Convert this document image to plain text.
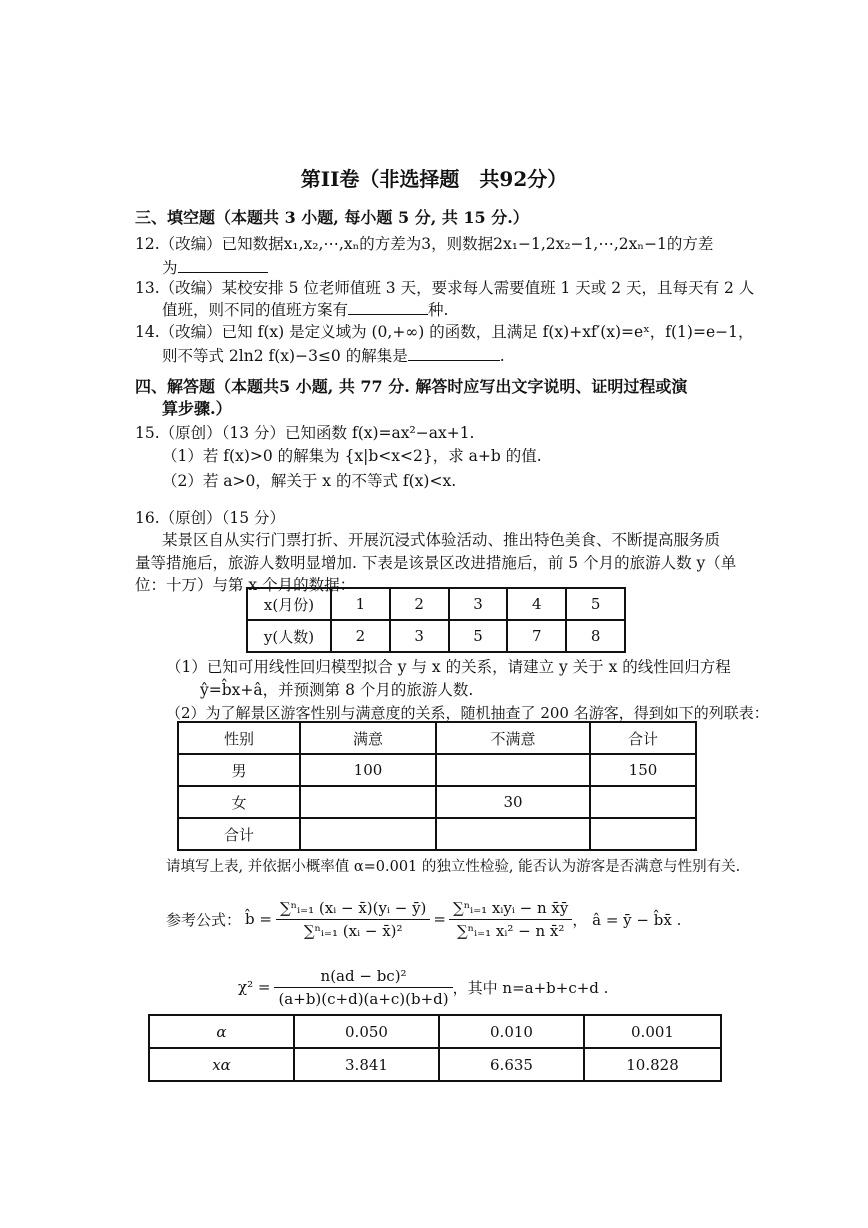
第II卷（非选择题　共92分）
三、填空题（本题共 3 小题, 每小题 5 分, 共 15 分.）
12.（改编）已知数据x₁,x₂,⋯,xₙ的方差为3，则数据2x₁−1,2x₂−1,⋯,2xₙ−1的方差
为
13.（改编）某校安排 5 位老师值班 3 天，要求每人需要值班 1 天或 2 天，且每天有 2 人
值班，则不同的值班方案有	种.
14.（改编）已知 f(x) 是定义域为 (0,+∞) 的函数，且满足 f(x)+xf′(x)=eˣ，f(1)=e−1，
则不等式 2ln2 f(x)−3≤0 的解集是	.
四、解答题（本题共5 小题, 共 77 分. 解答时应写出文字说明、证明过程或演
算步骤.）
15.（原创）（13 分）已知函数 f(x)=ax²−ax+1.
（1）若 f(x)>0 的解集为 {x|b<x<2}，求 a+b 的值.
（2）若 a>0，解关于 x 的不等式 f(x)<x.
16.（原创）（15 分）
某景区自从实行门票打折、开展沉浸式体验活动、推出特色美食、不断提高服务质
量等措施后，旅游人数明显增加. 下表是该景区改进措施后，前 5 个月的旅游人数 y（单
位：十万）与第 x 个月的数据：
x(月份)	1	2	3	4	5
y(人数)	2	3	5	7	8
（1）已知可用线性回归模型拟合 y 与 x 的关系，请建立 y 关于 x 的线性回归方程
ŷ=b̂x+â，并预测第 8 个月的旅游人数.
（2）为了解景区游客性别与满意度的关系，随机抽查了 200 名游客，得到如下的列联表：
性别	满意	不满意	合计
男	100		150
女		30	
合计			
请填写上表, 并依据小概率值 α=0.001 的独立性检验, 能否认为游客是否满意与性别有关.
参考公式： b̂ = $\frac{\text{∑ⁿᵢ₌₁ (xᵢ − x̄)(yᵢ − ȳ)}}{\text{∑ⁿᵢ₌₁ (xᵢ − x̄)²}} = \frac{\text{∑ⁿᵢ₌₁ xᵢyᵢ − n x̄ȳ}}{\text{∑ⁿᵢ₌₁ xᵢ² − n x̄²}}$ ， â = ȳ − b̂x̄ .
$\chi^2 = \frac{\text{n(ad − bc)²}}{(a+b)(c+d)(a+c)(b+d)}$ ，其中 n=a+b+c+d .
α	0.050	0.010	0.001
xα	3.841	6.635	10.828
